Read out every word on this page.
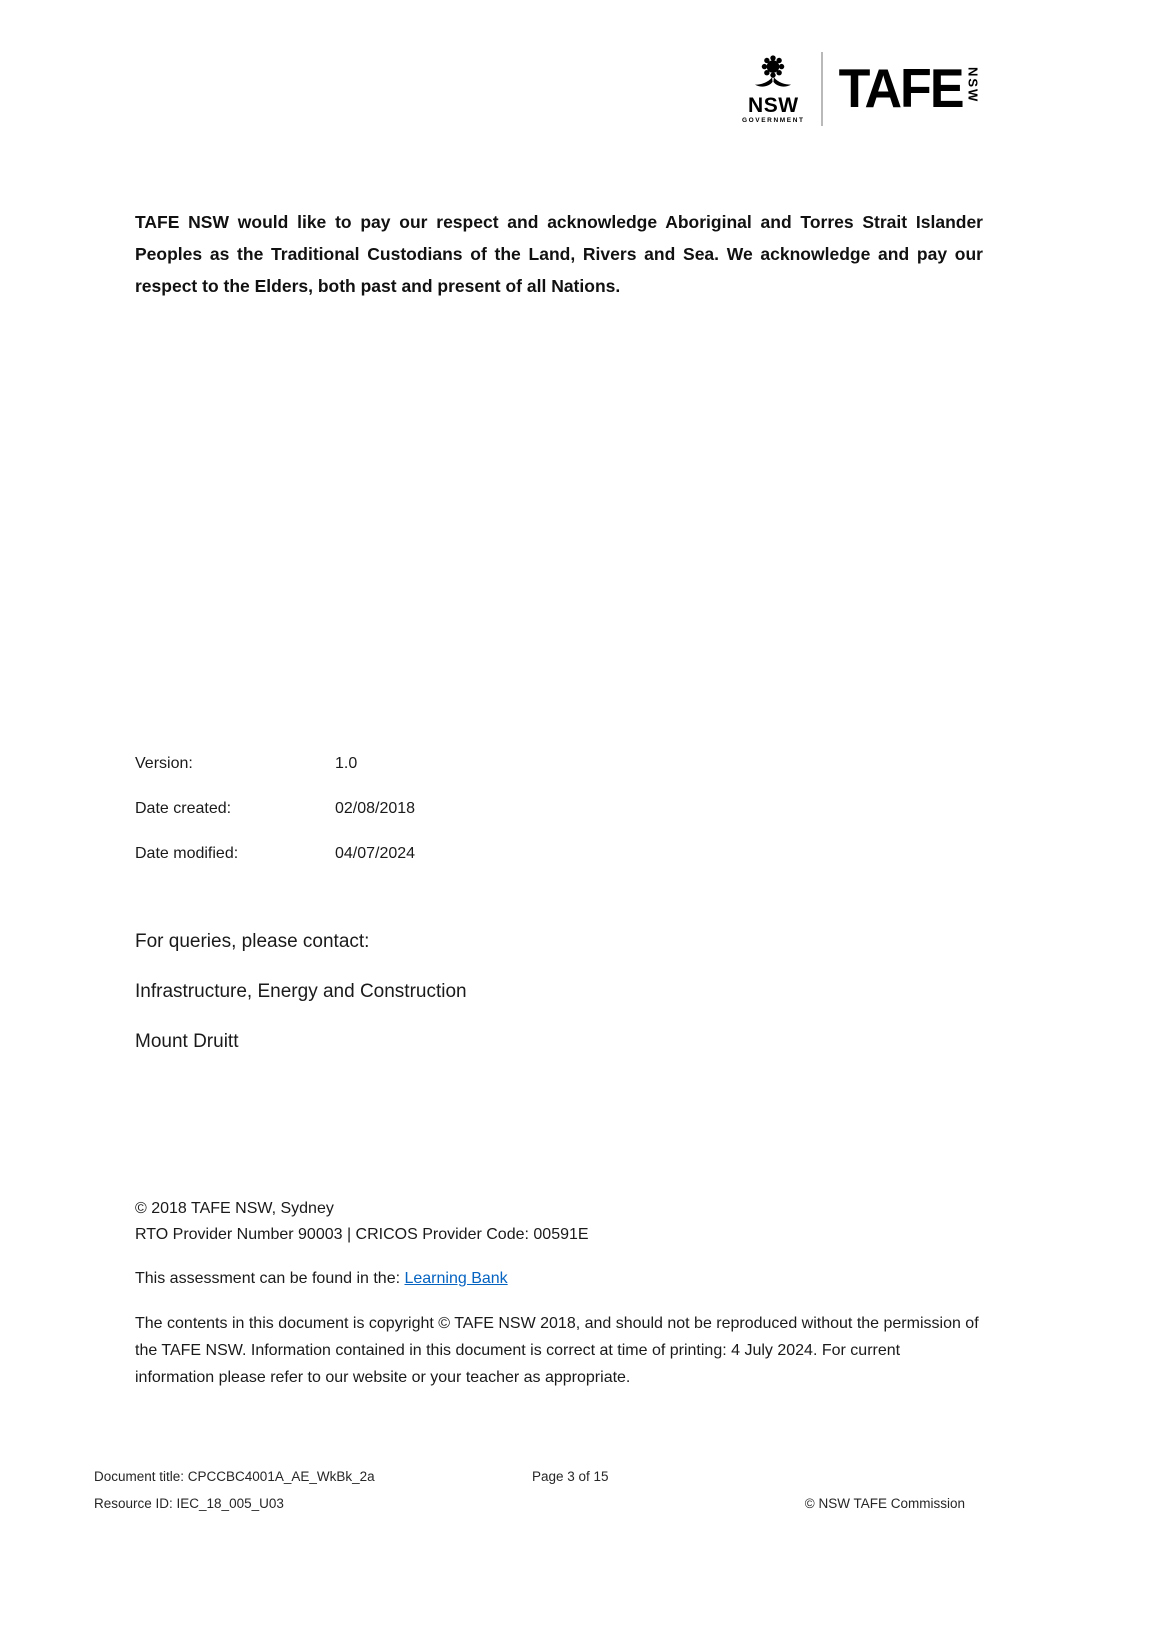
NSW
GOVERNMENT
TAFE NSW

TAFE NSW would like to pay our respect and acknowledge Aboriginal and Torres Strait Islander Peoples as the Traditional Custodians of the Land, Rivers and Sea. We acknowledge and pay our respect to the Elders, both past and present of all Nations.

Version:	1.0
Date created:	02/08/2018
Date modified:	04/07/2024
For queries, please contact:
Infrastructure, Energy and Construction
Mount Druitt
© 2018 TAFE NSW, Sydney
RTO Provider Number 90003 | CRICOS Provider Code: 00591E
This assessment can be found in the: Learning Bank

The contents in this document is copyright © TAFE NSW 2018, and should not be reproduced without the permission of the TAFE NSW. Information contained in this document is correct at time of printing: 4 July 2024. For current information please refer to our website or your teacher as appropriate.

Document title: CPCCBC4001A_AE_WkBk_2a	Page 3 of 15
Resource ID: IEC_18_005_U03	© NSW TAFE Commission
